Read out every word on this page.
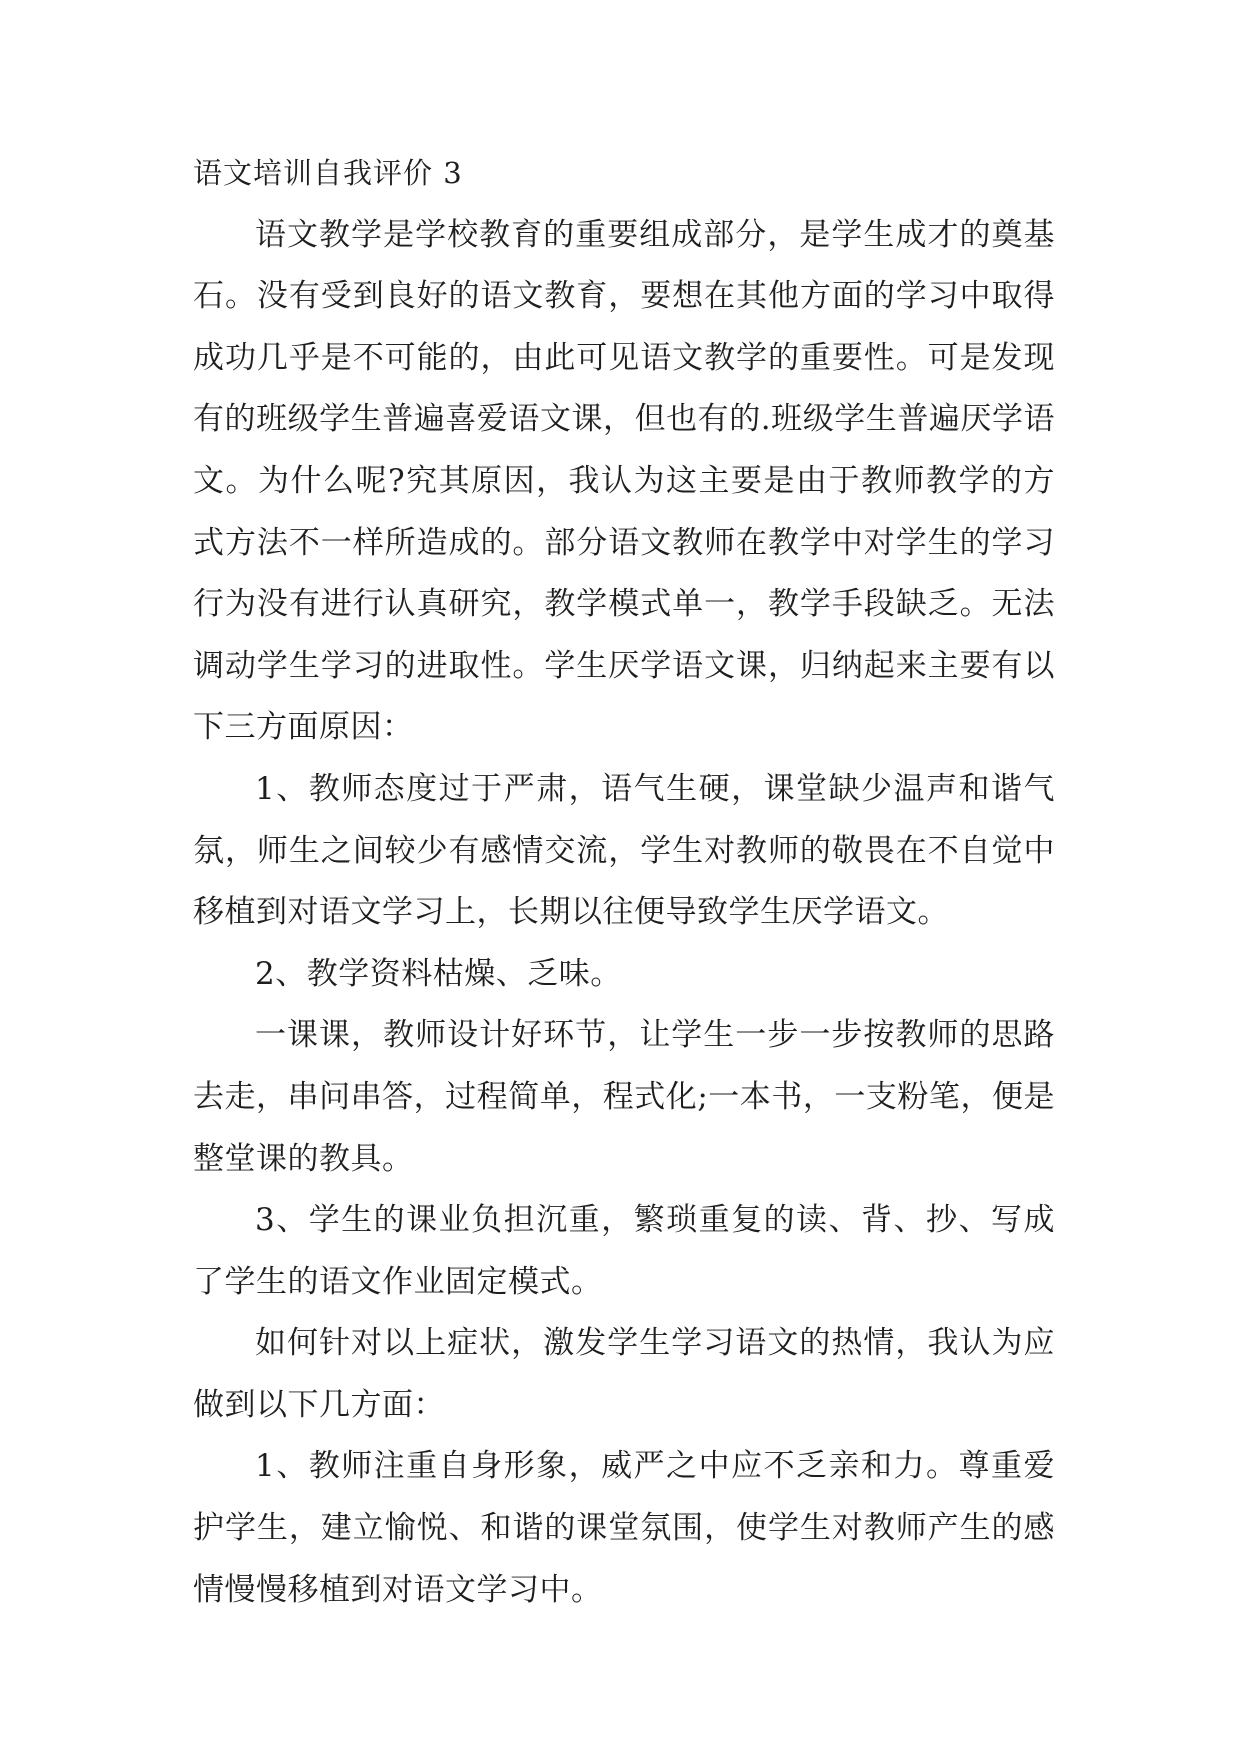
语文培训自我评价 3

语文教学是学校教育的重要组成部分，是学生成才的奠基石。没有受到良好的语文教育，要想在其他方面的学习中取得成功几乎是不可能的，由此可见语文教学的重要性。可是发现有的班级学生普遍喜爱语文课，但也有的.班级学生普遍厌学语文。为什么呢?究其原因，我认为这主要是由于教师教学的方式方法不一样所造成的。部分语文教师在教学中对学生的学习行为没有进行认真研究，教学模式单一，教学手段缺乏。无法调动学生学习的进取性。学生厌学语文课，归纳起来主要有以下三方面原因：

1、教师态度过于严肃，语气生硬，课堂缺少温声和谐气氛，师生之间较少有感情交流，学生对教师的敬畏在不自觉中移植到对语文学习上，长期以往便导致学生厌学语文。

2、教学资料枯燥、乏味。

一课课，教师设计好环节，让学生一步一步按教师的思路去走，串问串答，过程简单，程式化;一本书，一支粉笔，便是整堂课的教具。

3、学生的课业负担沉重，繁琐重复的读、背、抄、写成了学生的语文作业固定模式。

如何针对以上症状，激发学生学习语文的热情，我认为应做到以下几方面：

1、教师注重自身形象，威严之中应不乏亲和力。尊重爱护学生，建立愉悦、和谐的课堂氛围，使学生对教师产生的感情慢慢移植到对语文学习中。
